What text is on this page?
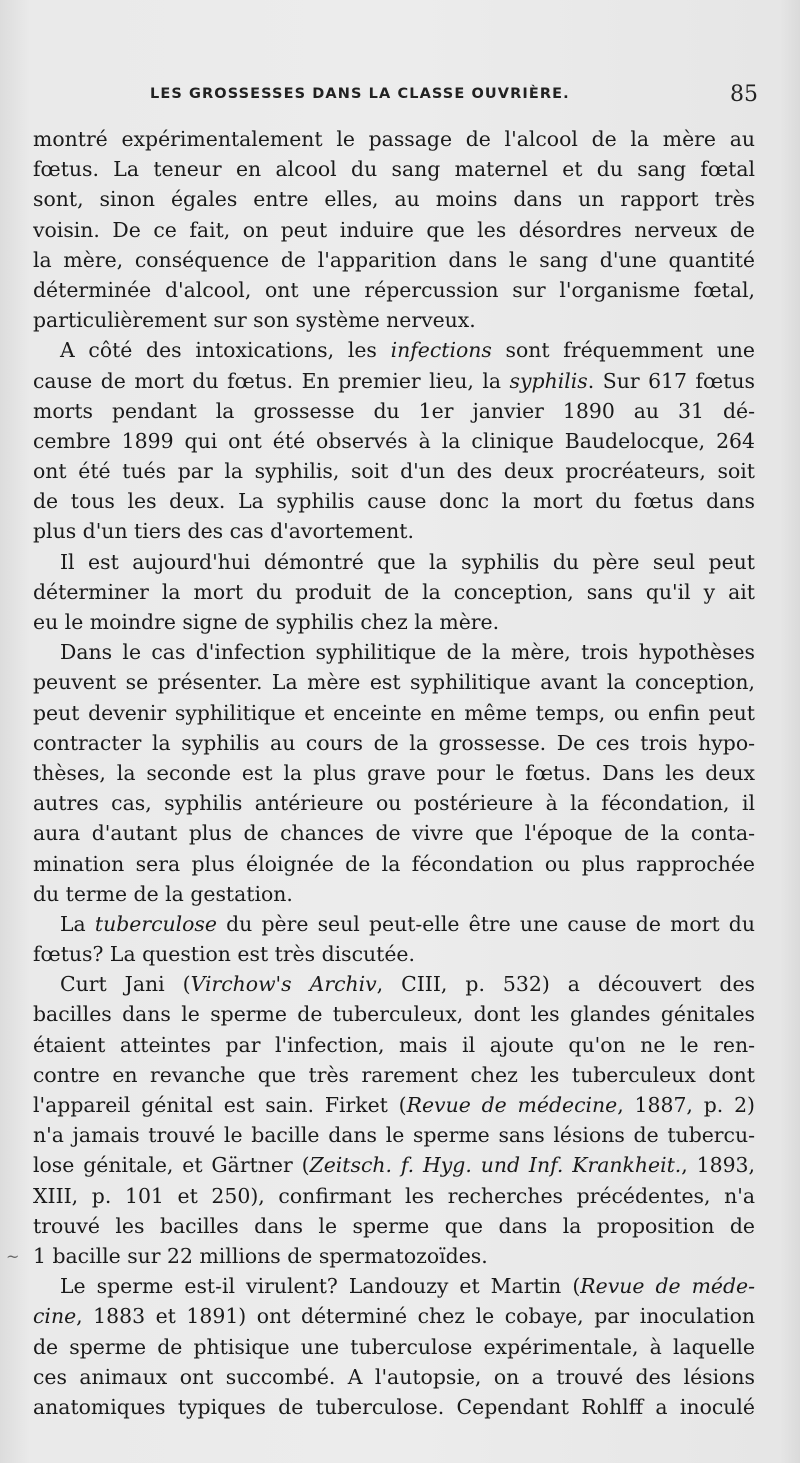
LES GROSSESSES DANS LA CLASSE OUVRIÈRE.	85
~
montré expérimentalement le passage de l'alcool de la mère au
fœtus. La teneur en alcool du sang maternel et du sang fœtal
sont, sinon égales entre elles, au moins dans un rapport très
voisin. De ce fait, on peut induire que les désordres nerveux de
la mère, conséquence de l'apparition dans le sang d'une quantité
déterminée d'alcool, ont une répercussion sur l'organisme fœtal,
particulièrement sur son système nerveux.
A côté des intoxications, les infections sont fréquemment une
cause de mort du fœtus. En premier lieu, la syphilis. Sur 617 fœtus
morts pendant la grossesse du 1er janvier 1890 au 31 dé-
cembre 1899 qui ont été observés à la clinique Baudelocque, 264
ont été tués par la syphilis, soit d'un des deux procréateurs, soit
de tous les deux. La syphilis cause donc la mort du fœtus dans
plus d'un tiers des cas d'avortement.
Il est aujourd'hui démontré que la syphilis du père seul peut
déterminer la mort du produit de la conception, sans qu'il y ait
eu le moindre signe de syphilis chez la mère.
Dans le cas d'infection syphilitique de la mère, trois hypothèses
peuvent se présenter. La mère est syphilitique avant la conception,
peut devenir syphilitique et enceinte en même temps, ou enfin peut
contracter la syphilis au cours de la grossesse. De ces trois hypo-
thèses, la seconde est la plus grave pour le fœtus. Dans les deux
autres cas, syphilis antérieure ou postérieure à la fécondation, il
aura d'autant plus de chances de vivre que l'époque de la conta-
mination sera plus éloignée de la fécondation ou plus rapprochée
du terme de la gestation.
La tuberculose du père seul peut-elle être une cause de mort du
fœtus? La question est très discutée.
Curt Jani (Virchow's Archiv, CIII, p. 532) a découvert des
bacilles dans le sperme de tuberculeux, dont les glandes génitales
étaient atteintes par l'infection, mais il ajoute qu'on ne le ren-
contre en revanche que très rarement chez les tuberculeux dont
l'appareil génital est sain. Firket (Revue de médecine, 1887, p. 2)
n'a jamais trouvé le bacille dans le sperme sans lésions de tubercu-
lose génitale, et Gärtner (Zeitsch. f. Hyg. und Inf. Krankheit., 1893,
XIII, p. 101 et 250), confirmant les recherches précédentes, n'a
trouvé les bacilles dans le sperme que dans la proposition de
1 bacille sur 22 millions de spermatozoïdes.
Le sperme est-il virulent? Landouzy et Martin (Revue de méde-
cine, 1883 et 1891) ont déterminé chez le cobaye, par inoculation
de sperme de phtisique une tuberculose expérimentale, à laquelle
ces animaux ont succombé. A l'autopsie, on a trouvé des lésions
anatomiques typiques de tuberculose. Cependant Rohlff a inoculé
